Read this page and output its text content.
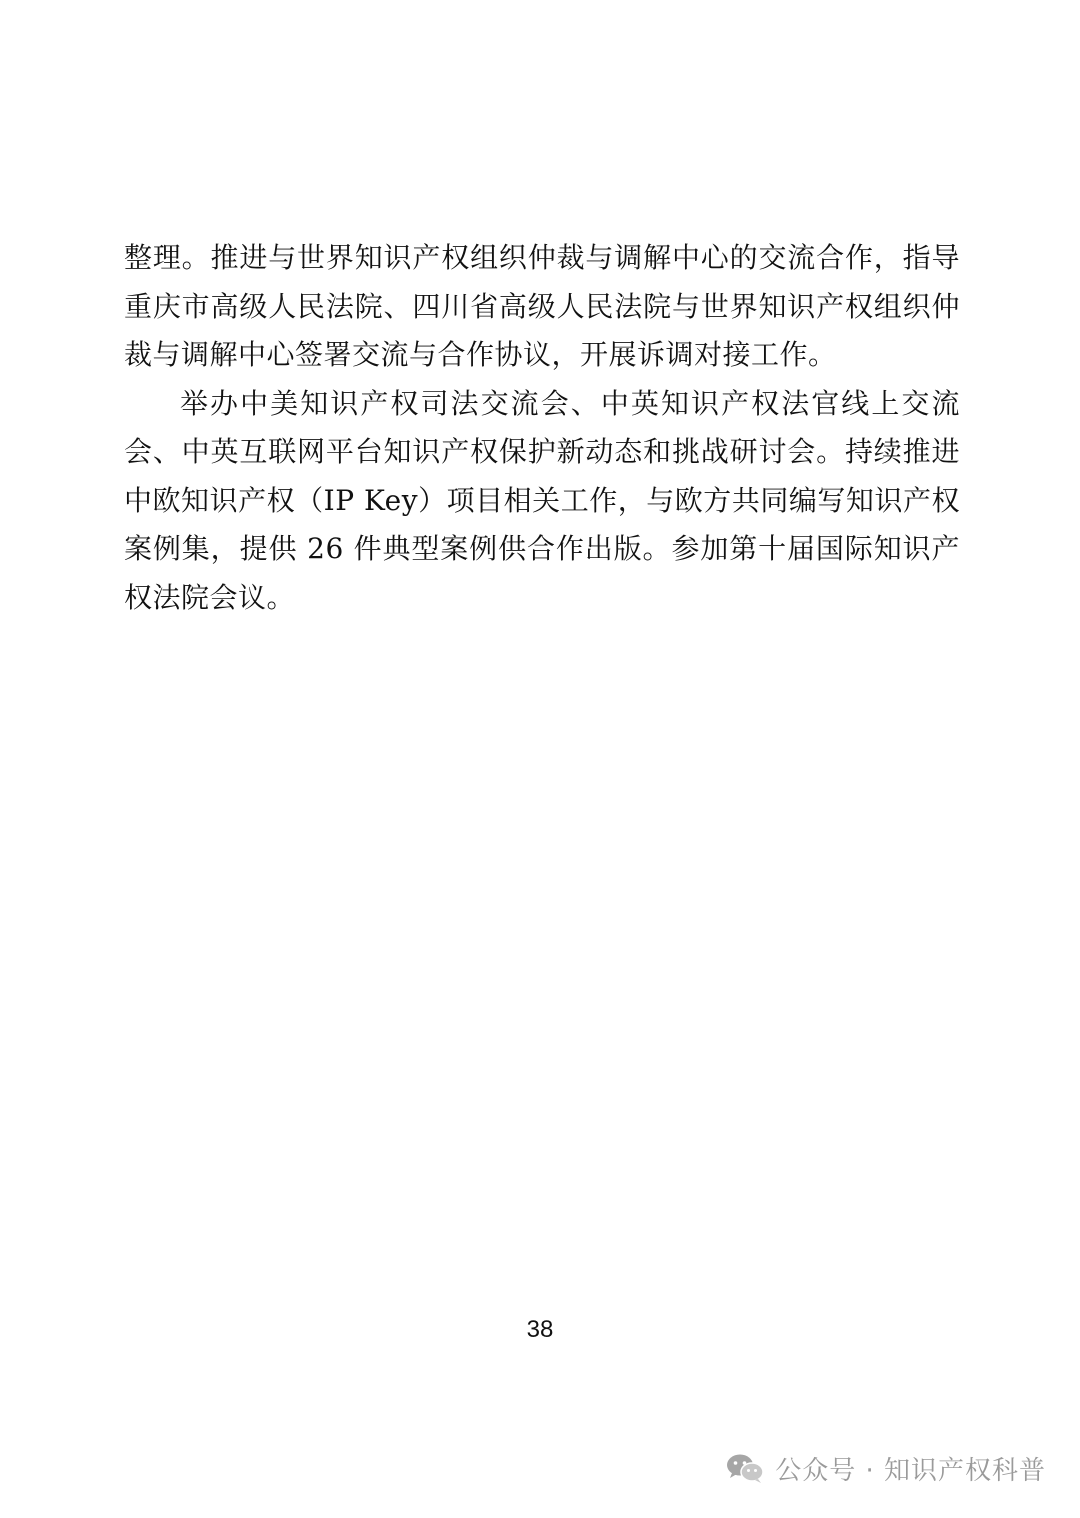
整理。推进与世界知识产权组织仲裁与调解中心的交流合作，指导重庆市高级人民法院、四川省高级人民法院与世界知识产权组织仲裁与调解中心签署交流与合作协议，开展诉调对接工作。

举办中美知识产权司法交流会、中英知识产权法官线上交流会、中英互联网平台知识产权保护新动态和挑战研讨会。持续推进中欧知识产权（IP Key）项目相关工作，与欧方共同编写知识产权案例集，提供 26 件典型案例供合作出版。参加第十届国际知识产权法院会议。

38
公众号 · 知识产权科普
